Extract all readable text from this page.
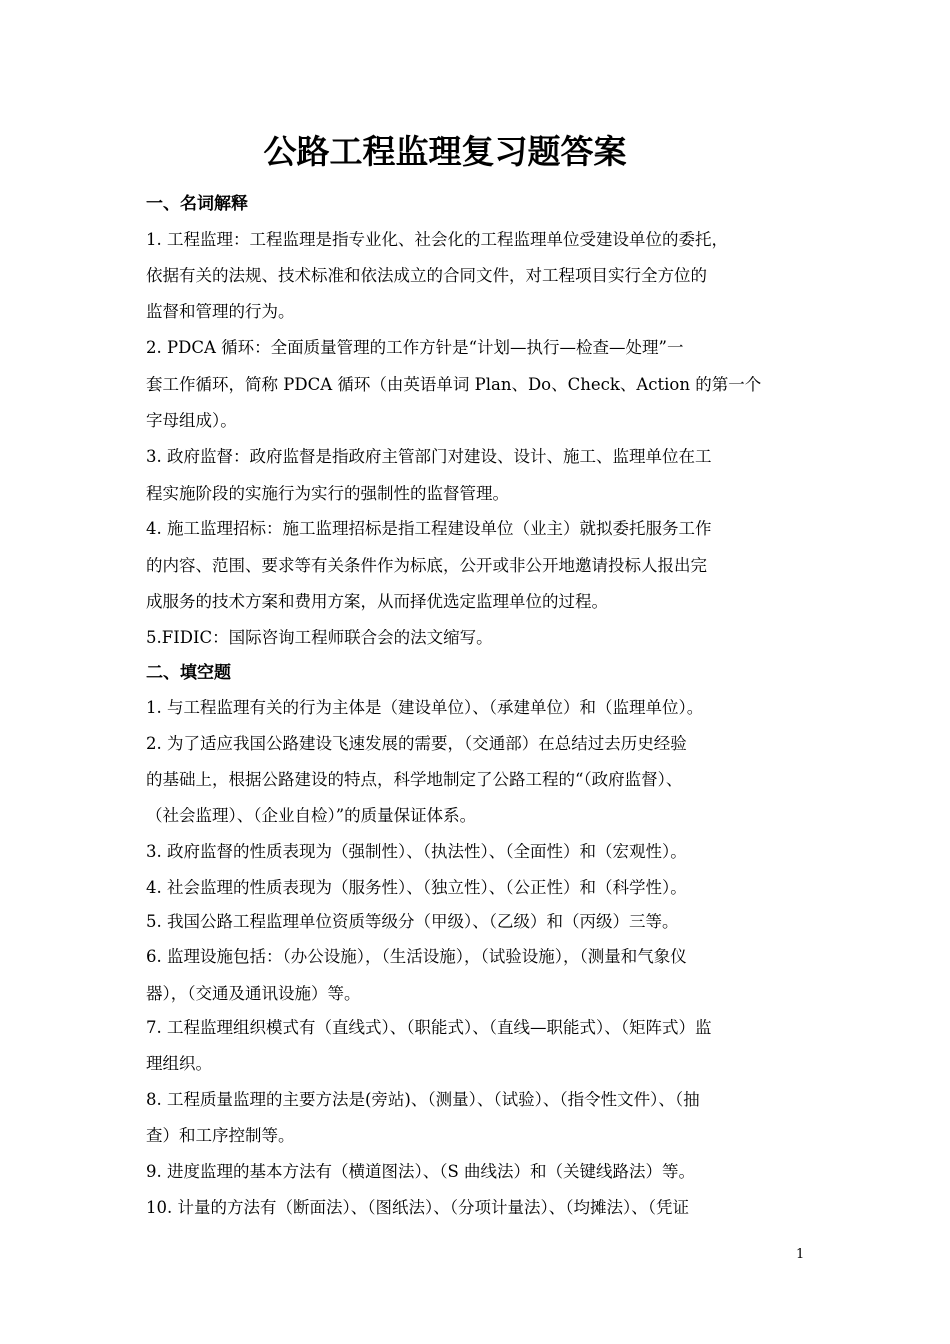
公路工程监理复习题答案
一、名词解释
1. 工程监理：工程监理是指专业化、社会化的工程监理单位受建设单位的委托，
依据有关的法规、技术标准和依法成立的合同文件，对工程项目实行全方位的
监督和管理的行为。
2. PDCA 循环：全面质量管理的工作方针是“计划—执行—检查—处理”一
套工作循环，简称 PDCA 循环（由英语单词 Plan、Do、Check、Action 的第一个
字母组成）。
3. 政府监督：政府监督是指政府主管部门对建设、设计、施工、监理单位在工
程实施阶段的实施行为实行的强制性的监督管理。
4. 施工监理招标：施工监理招标是指工程建设单位（业主）就拟委托服务工作
的内容、范围、要求等有关条件作为标底，公开或非公开地邀请投标人报出完
成服务的技术方案和费用方案，从而择优选定监理单位的过程。
5.FIDIC：国际咨询工程师联合会的法文缩写。
二、填空题
1. 与工程监理有关的行为主体是（建设单位）、（承建单位）和（监理单位）。
2. 为了适应我国公路建设飞速发展的需要，（交通部）在总结过去历史经验
的基础上，根据公路建设的特点，科学地制定了公路工程的“（政府监督）、
（社会监理）、（企业自检）”的质量保证体系。
3. 政府监督的性质表现为（强制性）、（执法性）、（全面性）和（宏观性）。
4. 社会监理的性质表现为（服务性）、（独立性）、（公正性）和（科学性）。
5. 我国公路工程监理单位资质等级分（甲级）、（乙级）和（丙级）三等。
6. 监理设施包括：（办公设施），（生活设施），（试验设施），（测量和气象仪
器），（交通及通讯设施）等。
7. 工程监理组织模式有（直线式）、（职能式）、（直线—职能式）、（矩阵式）监
理组织。
8. 工程质量监理的主要方法是(旁站)、（测量）、（试验）、（指令性文件）、（抽
查）和工序控制等。
9. 进度监理的基本方法有（横道图法）、（S 曲线法）和（关键线路法）等。
10. 计量的方法有（断面法）、（图纸法）、（分项计量法）、（均摊法）、（凭证
1
